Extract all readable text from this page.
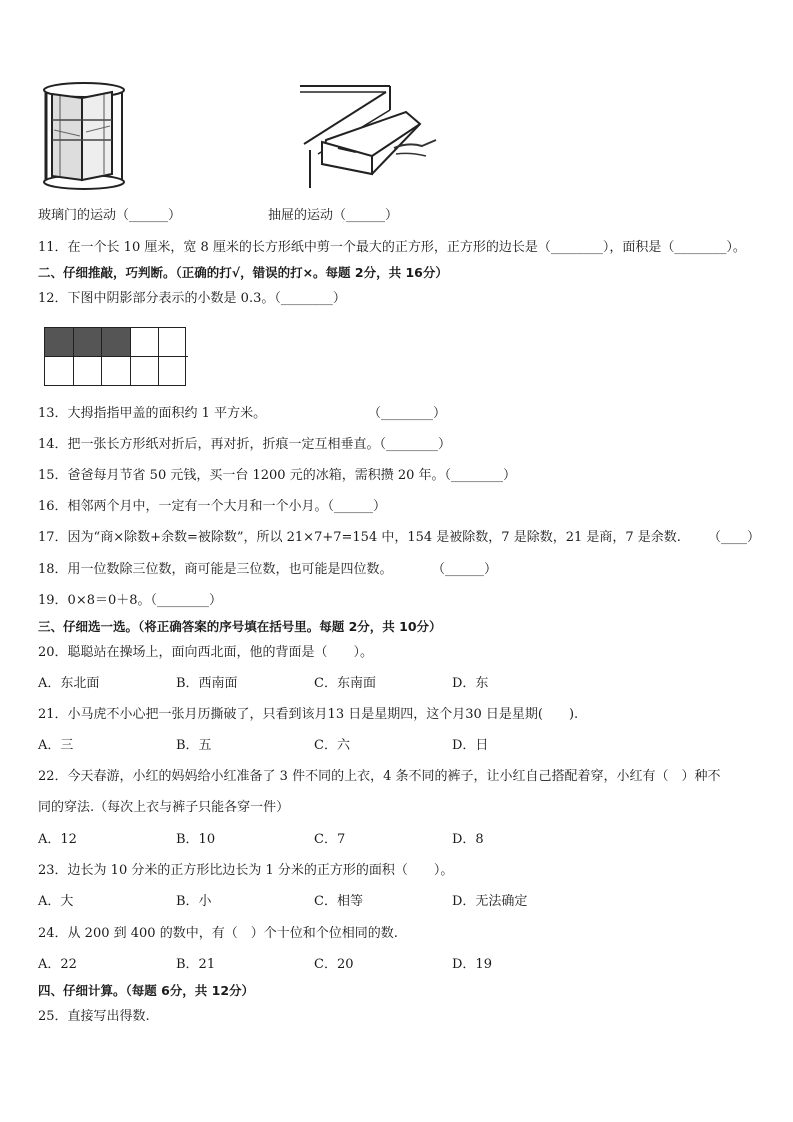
玻璃门的运动（______）	抽屉的运动（______）
11．在一个长 10 厘米，宽 8 厘米的长方形纸中剪一个最大的正方形，正方形的边长是（________），面积是（________）。
二、仔细推敲，巧判断。（正确的打√，错误的打×。每题 2分，共 16分）
12．下图中阴影部分表示的小数是 0.3。（________）
13．大拇指指甲盖的面积约 1 平方米。	（________）
14．把一张长方形纸对折后，再对折，折痕一定互相垂直。（________）
15．爸爸每月节省 50 元钱，买一台 1200 元的冰箱，需积攒 20 年。（________）
16．相邻两个月中，一定有一个大月和一个小月。（______）
17．因为“商×除数+余数=被除数”，所以 21×7+7=154 中，154 是被除数，7 是除数，21 是商，7 是余数. （____）
18．用一位数除三位数，商可能是三位数，也可能是四位数。	（______）
19．0×8＝0＋8。（________）
三、仔细选一选。（将正确答案的序号填在括号里。每题 2分，共 10分）
20．聪聪站在操场上，面向西北面，他的背面是（　　）。
A．东北面	B．西南面	C．东南面	D．东
21．小马虎不小心把一张月历撕破了，只看到该月13 日是星期四，这个月30 日是星期(　　).
A．三	B．五	C．六	D．日
22．今天春游，小红的妈妈给小红准备了 3 件不同的上衣，4 条不同的裤子，让小红自己搭配着穿，小红有（　）种不
同的穿法.（每次上衣与裤子只能各穿一件）
A．12	B．10	C．7	D．8
23．边长为 10 分米的正方形比边长为 1 分米的正方形的面积（　　）。
A．大	B．小	C．相等	D．无法确定
24．从 200 到 400 的数中，有（　）个十位和个位相同的数.
A．22	B．21	C．20	D．19
四、仔细计算。（每题 6分，共 12分）
25．直接写出得数.
